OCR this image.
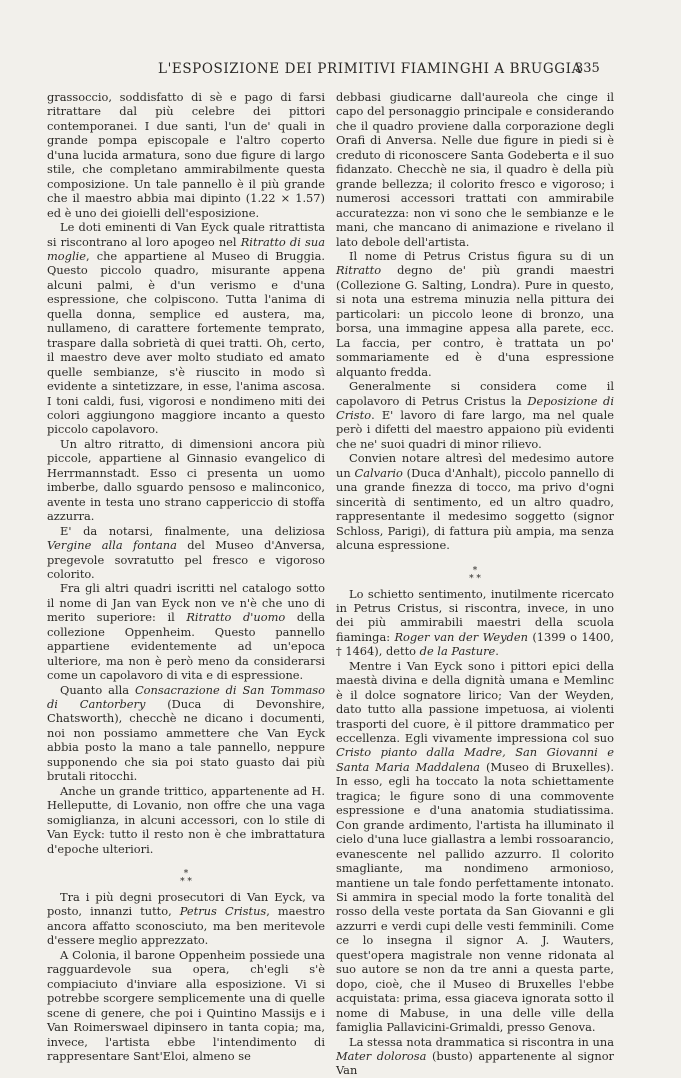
L'ESPOSIZIONE DEI PRIMITIVI FIAMINGHI A BRUGGIA
335

grassoccio, soddisfatto di sè e pago di farsi ritrattare dal più celebre dei pittori contemporanei. I due santi, l'un de' quali in grande pompa episcopale e l'altro coperto d'una lucida armatura, sono due figure di largo stile, che completano ammirabilmente questa composizione. Un tale pannello è il più grande che il maestro abbia mai dipinto (1.22 × 1.57) ed è uno dei gioielli dell'esposizione.

Le doti eminenti di Van Eyck quale ritrattista si riscontrano al loro apogeo nel Ritratto di sua moglie, che appartiene al Museo di Bruggia. Questo piccolo quadro, misurante appena alcuni palmi, è d'un verismo e d'una espressione, che colpiscono. Tutta l'anima di quella donna, semplice ed austera, ma, nullameno, di carattere fortemente temprato, traspare dalla sobrietà di quei tratti. Oh, certo, il maestro deve aver molto studiato ed amato quelle sembianze, s'è riuscito in modo sì evidente a sintetizzare, in esse, l'anima ascosa. I toni caldi, fusi, vigorosi e nondimeno miti dei colori aggiungono maggiore incanto a questo piccolo capolavoro.

Un altro ritratto, di dimensioni ancora più piccole, appartiene al Ginnasio evangelico di Herrmannstadt. Esso ci presenta un uomo imberbe, dallo sguardo pensoso e malinconico, avente in testa uno strano cappericcio di stoffa azzurra.

E' da notarsi, finalmente, una deliziosa Vergine alla fontana del Museo d'Anversa, pregevole sovratutto pel fresco e vigoroso colorito.

Fra gli altri quadri iscritti nel catalogo sotto il nome di Jan van Eyck non ve n'è che uno di merito superiore: il Ritratto d'uomo della collezione Oppenheim. Questo pannello appartiene evidentemente ad un'epoca ulteriore, ma non è però meno da considerarsi come un capolavoro di vita e di espressione.

Quanto alla Consacrazione di San Tommaso di Cantorbery (Duca di Devonshire, Chatsworth), checchè ne dicano i documenti, noi non possiamo ammettere che Van Eyck abbia posto la mano a tale pannello, neppure supponendo che sia poi stato guasto dai più brutali ritocchi.

Anche un grande trittico, appartenente ad H. Helleputte, di Lovanio, non offre che una vaga somiglianza, in alcuni accessori, con lo stile di Van Eyck: tutto il resto non è che imbrattatura d'epoche ulteriori.

*
* *

Tra i più degni prosecutori di Van Eyck, va posto, innanzi tutto, Petrus Cristus, maestro ancora affatto sconosciuto, ma ben meritevole d'essere meglio apprezzato.

A Colonia, il barone Oppenheim possiede una ragguardevole sua opera, ch'egli s'è compiaciuto d'inviare alla esposizione. Vi si potrebbe scorgere semplicemente una di quelle scene di genere, che poi i Quintino Massijs e i Van Roimerswael dipinsero in tanta copia; ma, invece, l'artista ebbe l'intendimento di rappresentare Sant'Eloi, almeno se

debbasi giudicarne dall'aureola che cinge il capo del personaggio principale e considerando che il quadro proviene dalla corporazione degli Orafi di Anversa. Nelle due figure in piedi si è creduto di riconoscere Santa Godeberta e il suo fidanzato. Checchè ne sia, il quadro è della più grande bellezza; il colorito fresco e vigoroso; i numerosi accessori trattati con ammirabile accuratezza: non vi sono che le sembianze e le mani, che mancano di animazione e rivelano il lato debole dell'artista.

Il nome di Petrus Cristus figura su di un Ritratto degno de' più grandi maestri (Collezione G. Salting, Londra). Pure in questo, si nota una estrema minuzia nella pittura dei particolari: un piccolo leone di bronzo, una borsa, una immagine appesa alla parete, ecc. La faccia, per contro, è trattata un po' sommariamente ed è d'una espressione alquanto fredda.

Generalmente si considera come il capolavoro di Petrus Cristus la Deposizione di Cristo. E' lavoro di fare largo, ma nel quale però i difetti del maestro appaiono più evidenti che ne' suoi quadri di minor rilievo.

Convien notare altresì del medesimo autore un Calvario (Duca d'Anhalt), piccolo pannello di una grande finezza di tocco, ma privo d'ogni sincerità di sentimento, ed un altro quadro, rappresentante il medesimo soggetto (signor Schloss, Parigi), di fattura più ampia, ma senza alcuna espressione.

*
* *

Lo schietto sentimento, inutilmente ricercato in Petrus Cristus, si riscontra, invece, in uno dei più ammirabili maestri della scuola fiaminga: Roger van der Weyden (1399 o 1400, † 1464), detto de la Pasture.

Mentre i Van Eyck sono i pittori epici della maestà divina e della dignità umana e Memlinc è il dolce sognatore lirico; Van der Weyden, dato tutto alla passione impetuosa, ai violenti trasporti del cuore, è il pittore drammatico per eccellenza. Egli vivamente impressiona col suo Cristo pianto dalla Madre, San Giovanni e Santa Maria Maddalena (Museo di Bruxelles). In esso, egli ha toccato la nota schiettamente tragica; le figure sono di una commovente espressione e d'una anatomia studiatissima. Con grande ardimento, l'artista ha illuminato il cielo d'una luce giallastra a lembi rossoarancio, evanescente nel pallido azzurro. Il colorito smagliante, ma nondimeno armonioso, mantiene un tale fondo perfettamente intonato. Si ammira in special modo la forte tonalità del rosso della veste portata da San Giovanni e gli azzurri e verdi cupi delle vesti femminili. Come ce lo insegna il signor A. J. Wauters, quest'opera magistrale non venne ridonata al suo autore se non da tre anni a questa parte, dopo, cioè, che il Museo di Bruxelles l'ebbe acquistata: prima, essa giaceva ignorata sotto il nome di Mabuse, in una delle ville della famiglia Pallavicini-Grimaldi, presso Genova.

La stessa nota drammatica si riscontra in una Mater dolorosa (busto) appartenente al signor Van
